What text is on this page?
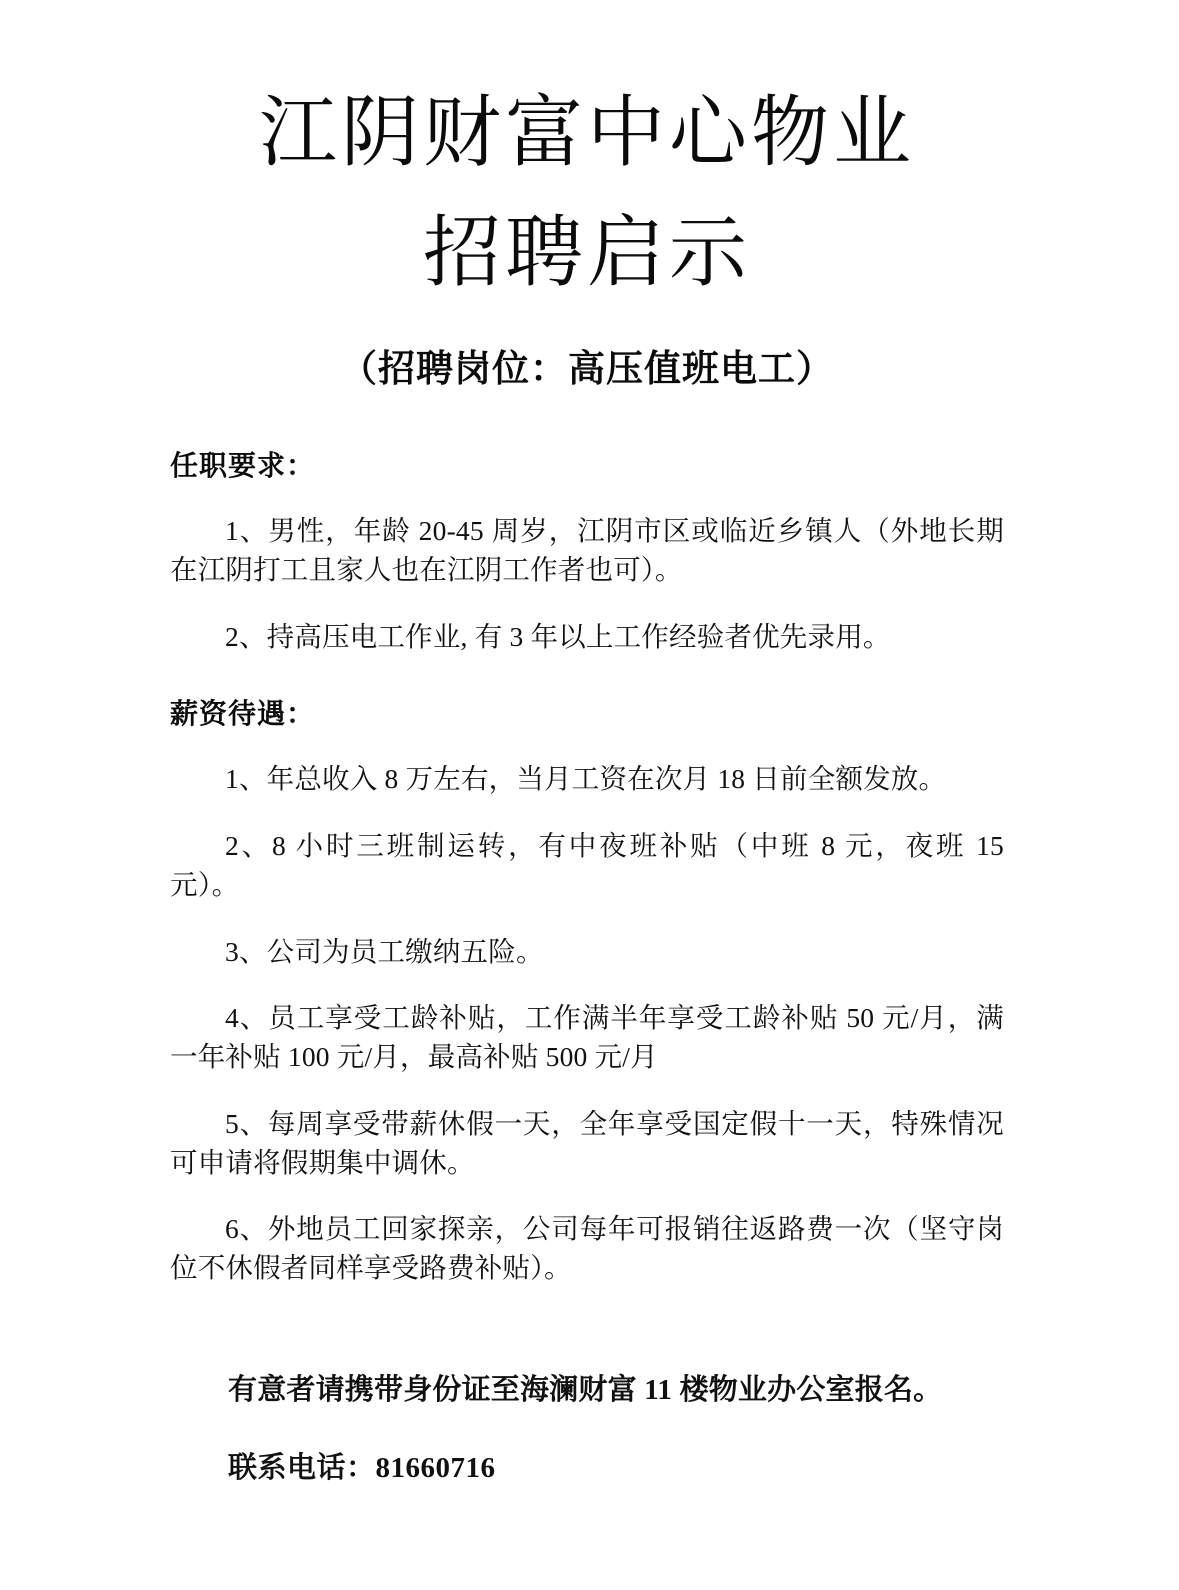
江阴财富中心物业
招聘启示
（招聘岗位：高压值班电工）
任职要求：

1、男性，年龄 20-45 周岁，江阴市区或临近乡镇人（外地长期在江阴打工且家人也在江阴工作者也可）。

2、持高压电工作业, 有 3 年以上工作经验者优先录用。

薪资待遇：

1、年总收入 8 万左右，当月工资在次月 18 日前全额发放。

2、8 小时三班制运转，有中夜班补贴（中班 8 元，夜班 15 元）。

3、公司为员工缴纳五险。

4、员工享受工龄补贴，工作满半年享受工龄补贴 50 元/月，满一年补贴 100 元/月，最高补贴 500 元/月

5、每周享受带薪休假一天，全年享受国定假十一天，特殊情况可申请将假期集中调休。

6、外地员工回家探亲，公司每年可报销往返路费一次（坚守岗位不休假者同样享受路费补贴）。

有意者请携带身份证至海澜财富 11 楼物业办公室报名。

联系电话：81660716
